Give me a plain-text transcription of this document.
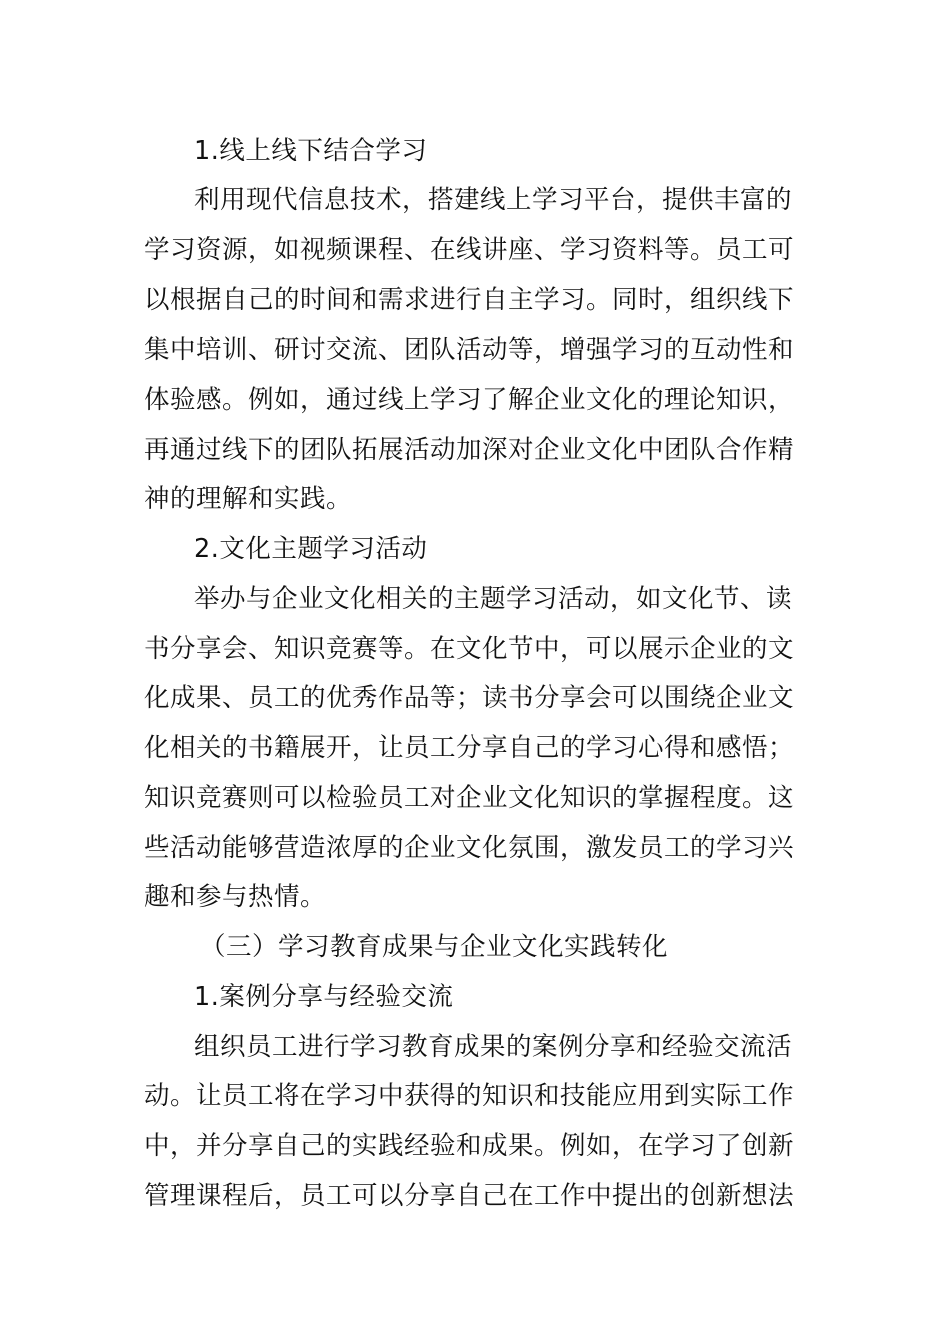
1.线上线下结合学习
利用现代信息技术，搭建线上学习平台，提供丰富的
学习资源，如视频课程、在线讲座、学习资料等。员工可
以根据自己的时间和需求进行自主学习。同时，组织线下
集中培训、研讨交流、团队活动等，增强学习的互动性和
体验感。例如，通过线上学习了解企业文化的理论知识，
再通过线下的团队拓展活动加深对企业文化中团队合作精
神的理解和实践。
2.文化主题学习活动
举办与企业文化相关的主题学习活动，如文化节、读
书分享会、知识竞赛等。在文化节中，可以展示企业的文
化成果、员工的优秀作品等；读书分享会可以围绕企业文
化相关的书籍展开，让员工分享自己的学习心得和感悟；
知识竞赛则可以检验员工对企业文化知识的掌握程度。这
些活动能够营造浓厚的企业文化氛围，激发员工的学习兴
趣和参与热情。
（三）学习教育成果与企业文化实践转化
1.案例分享与经验交流
组织员工进行学习教育成果的案例分享和经验交流活
动。让员工将在学习中获得的知识和技能应用到实际工作
中，并分享自己的实践经验和成果。例如，在学习了创新
管理课程后，员工可以分享自己在工作中提出的创新想法
